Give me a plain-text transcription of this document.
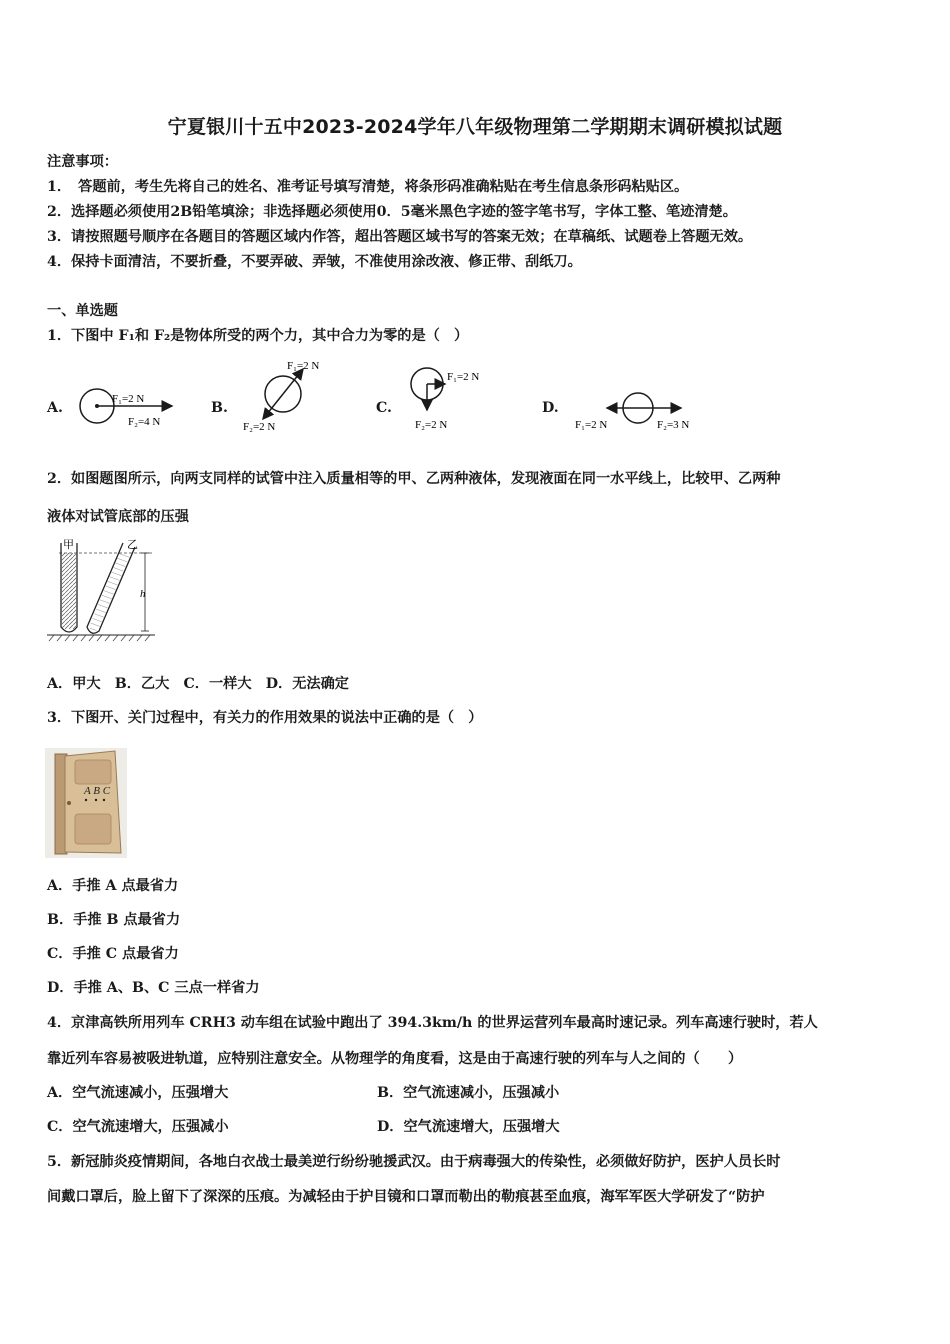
宁夏银川十五中2023-2024学年八年级物理第二学期期末调研模拟试题
注意事项：
1．　答题前，考生先将自己的姓名、准考证号填写清楚，将条形码准确粘贴在考生信息条形码粘贴区。
2．选择题必须使用2B铅笔填涂；非选择题必须使用0．5毫米黑色字迹的签字笔书写，字体工整、笔迹清楚。
3．请按照题号顺序在各题目的答题区域内作答，超出答题区域书写的答案无效；在草稿纸、试题卷上答题无效。
4．保持卡面清洁，不要折叠，不要弄破、弄皱，不准使用涂改液、修正带、刮纸刀。
一、单选题
1．下图中 F₁和 F₂是物体所受的两个力，其中合力为零的是（　）
A.
F₁=2 N
F₂=4 N
B.
F₁=2 N
F₂=2 N
C.
F₁=2 N
F₂=2 N
D.
F₁=2 N	F₂=3 N
2．如图题图所示，向两支同样的试管中注入质量相等的甲、乙两种液体，发现液面在同一水平线上，比较甲、乙两种
液体对试管底部的压强
h
甲	乙
A．甲大　B．乙大　C．一样大　D．无法确定
3．下图开、关门过程中，有关力的作用效果的说法中正确的是（　）
A B C
A．手推 A 点最省力
B．手推 B 点最省力
C．手推 C 点最省力
D．手推 A、B、C 三点一样省力
4．京津高铁所用列车 CRH3 动车组在试验中跑出了 394.3km/h 的世界运营列车最高时速记录。列车高速行驶时，若人
靠近列车容易被吸进轨道，应特别注意安全。从物理学的角度看，这是由于高速行驶的列车与人之间的（　　）
A．空气流速减小，压强增大	B．空气流速减小，压强减小
C．空气流速增大，压强减小	D．空气流速增大，压强增大
5．新冠肺炎疫情期间，各地白衣战士最美逆行纷纷驰援武汉。由于病毒强大的传染性，必须做好防护，医护人员长时
间戴口罩后，脸上留下了深深的压痕。为减轻由于护目镜和口罩而勒出的勒痕甚至血痕，海军军医大学研发了“防护
